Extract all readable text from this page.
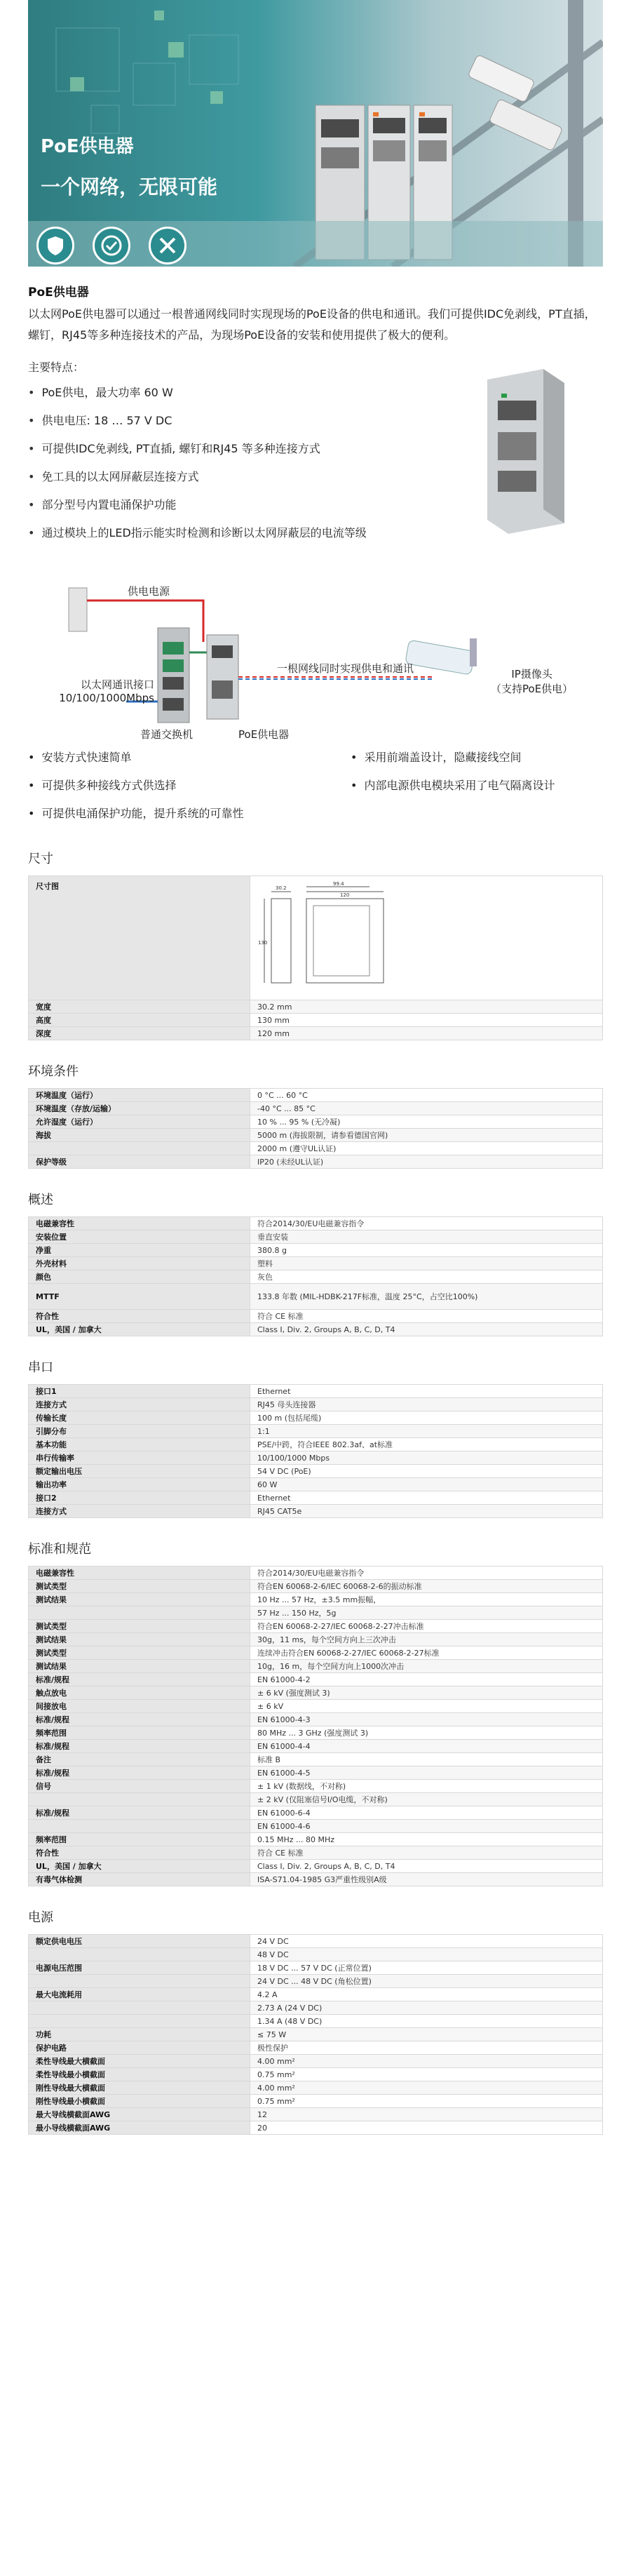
PoE供电器
一个网络，无限可能
PoE供电器
以太网PoE供电器可以通过一根普通网线同时实现现场的PoE设备的供电和通讯。我们可提供IDC免剥线，PT直插，螺钉，RJ45等多种连接技术的产品，为现场PoE设备的安装和使用提供了极大的便利。
主要特点：
• PoE供电，最大功率 60 W
• 供电电压: 18 … 57 V DC
• 可提供IDC免剥线, PT直插, 螺钉和RJ45 等多种连接方式
• 免工具的以太网屏蔽层连接方式
• 部分型号内置电涌保护功能
• 通过模块上的LED指示能实时检测和诊断以太网屏蔽层的电流等级
供电电源
以太网通讯接口
10/100/1000Mbps
普通交换机	PoE供电器
一根网线同时实现供电和通讯	IP摄像头
（支持PoE供电）
• 安装方式快速简单
• 可提供多种接线方式供选择
• 可提供电涌保护功能，提升系统的可靠性
• 采用前端盖设计，隐藏接线空间
• 内部电源供电模块采用了电气隔离设计
尺寸
尺寸图	30.2
120
99.4
130

宽度	30.2 mm
高度	130 mm
深度	120 mm
环境条件
环境温度（运行）	0 °C ... 60 °C
环境温度（存放/运输）	-40 °C ... 85 °C
允许湿度（运行）	10 % ... 95 % (无冷凝)
海拔	5000 m (海拔限制，请参看德国官网)
	2000 m (遵守UL认证)
保护等级	IP20 (未经UL认证)
概述
电磁兼容性	符合2014/30/EU电磁兼容指令
安装位置	垂直安装
净重	380.8 g
外壳材料	塑料
颜色	灰色
MTTF	133.8 年数 (MIL-HDBK-217F标准，温度 25°C，占空比100%)
符合性	符合 CE 标准
UL，美国 / 加拿大	Class I, Div. 2, Groups A, B, C, D, T4
串口
接口1	Ethernet
连接方式	RJ45 母头连接器
传输长度	100 m (包括尾缆)
引脚分布	1:1
基本功能	PSE/中跨，符合IEEE 802.3af、at标准
串行传输率	10/100/1000 Mbps
额定输出电压	54 V DC (PoE)
输出功率	60 W
接口2	Ethernet
连接方式	RJ45 CAT5e
标准和规范
电磁兼容性	符合2014/30/EU电磁兼容指令
测试类型	符合EN 60068-2-6/IEC 60068-2-6的振动标准
测试结果	10 Hz ... 57 Hz，±3.5 mm振幅，
	57 Hz ... 150 Hz，5g
测试类型	符合EN 60068-2-27/IEC 60068-2-27冲击标准
测试结果	30g，11 ms，每个空间方向上三次冲击
测试类型	连续冲击符合EN 60068-2-27/IEC 60068-2-27标准
测试结果	10g，16 m，每个空间方向上1000次冲击
标准/规程	EN 61000-4-2
触点放电	± 6 kV (强度测试 3)
间接放电	± 6 kV
标准/规程	EN 61000-4-3
频率范围	80 MHz ... 3 GHz (强度测试 3)
标准/规程	EN 61000-4-4
备注	标准 B
标准/规程	EN 61000-4-5
信号	± 1 kV (数据线，不对称)
	± 2 kV (仅阻塞信号I/O电缆，不对称)
标准/规程	EN 61000-6-4
	EN 61000-4-6
频率范围	0.15 MHz ... 80 MHz
符合性	符合 CE 标准
UL，美国 / 加拿大	Class I, Div. 2, Groups A, B, C, D, T4
有毒气体检测	ISA-S71.04-1985 G3严重性级别A级
电源
额定供电电压	24 V DC
	48 V DC
电源电压范围	18 V DC ... 57 V DC (正常位置)
	24 V DC ... 48 V DC (角松位置)
最大电流耗用	4.2 A
	2.73 A (24 V DC)
	1.34 A (48 V DC)
功耗	≤ 75 W
保护电路	极性保护
柔性导线最大横截面	4.00 mm²
柔性导线最小横截面	0.75 mm²
刚性导线最大横截面	4.00 mm²
刚性导线最小横截面	0.75 mm²
最大导线横截面AWG	12
最小导线横截面AWG	20
